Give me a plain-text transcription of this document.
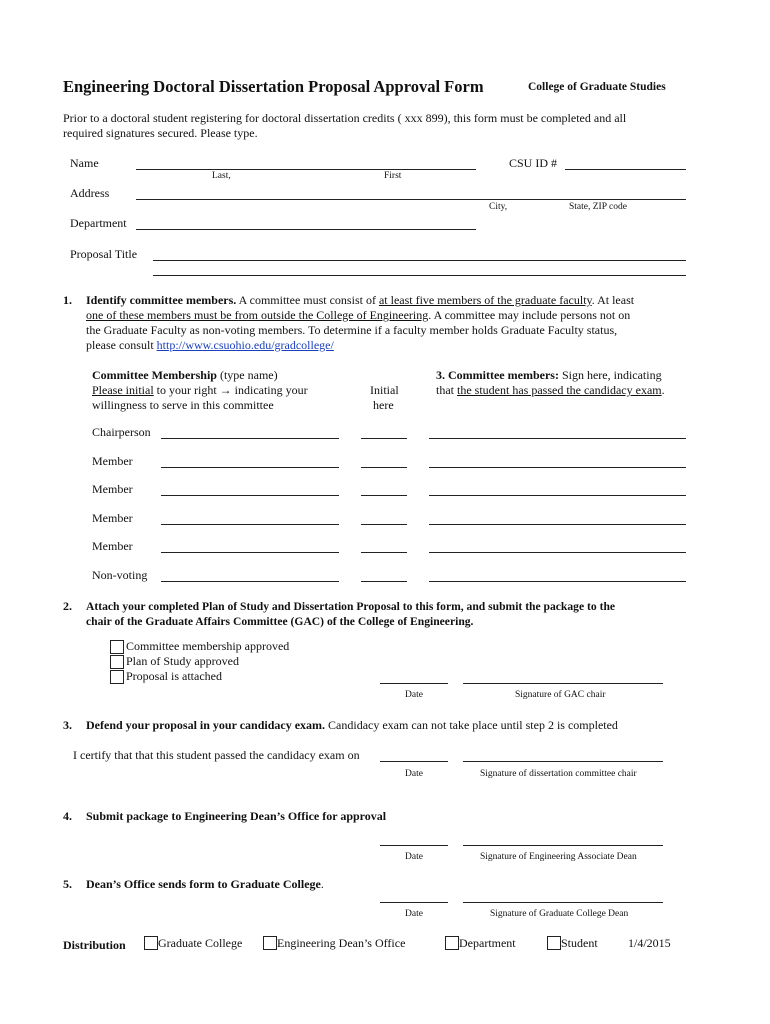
Engineering Doctoral Dissertation Proposal Approval Form	College of Graduate Studies
Prior to a doctoral student registering for doctoral dissertation credits ( xxx 899), this form must be completed and all
required signatures secured. Please type.
Name
Last,	First
CSU ID #
Address
City,	State, ZIP code
Department
Proposal Title
1. Identify committee members. A committee must consist of at least five members of the graduate faculty. At least
one of these members must be from outside the College of Engineering. A committee may include persons not on
the Graduate Faculty as non-voting members. To determine if a faculty member holds Graduate Faculty status,
please consult http://www.csuohio.edu/gradcollege/
Committee Membership (type name)
Please initial to your right → indicating your
willingness to serve in this committee
Initial
here
3. Committee members: Sign here, indicating
that the student has passed the candidacy exam.
Chairperson
Member
Member
Member
Member
Non-voting
2. Attach your completed Plan of Study and Dissertation Proposal to this form, and submit the package to the
chair of the Graduate Affairs Committee (GAC) of the College of Engineering.
Committee membership approved
Plan of Study approved
Proposal is attached
Date	Signature of GAC chair
3. Defend your proposal in your candidacy exam. Candidacy exam can not take place until step 2 is completed
I certify that that this student passed the candidacy exam on
Date	Signature of dissertation committee chair
4. Submit package to Engineering Dean’s Office for approval
Date	Signature of Engineering Associate Dean
5. Dean’s Office sends form to Graduate College.
Date	Signature of Graduate College Dean
Distribution	Graduate College	Engineering Dean’s Office	Department	Student	1/4/2015
